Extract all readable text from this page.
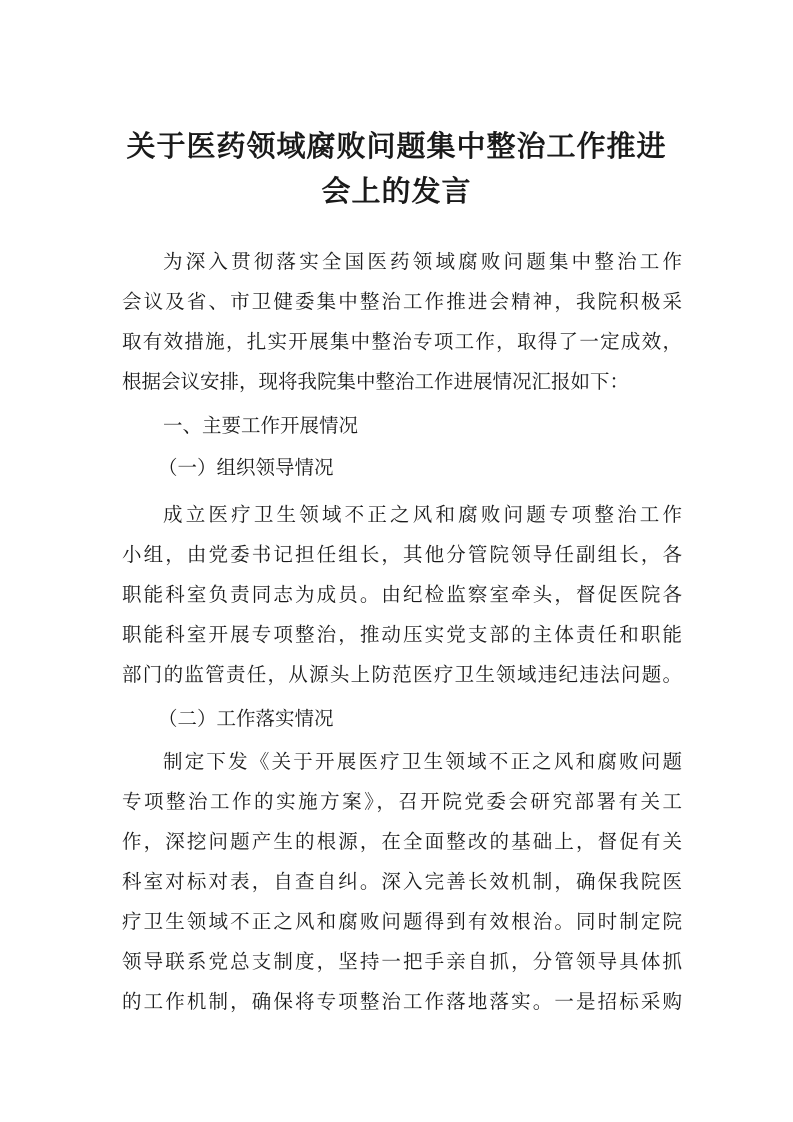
关于医药领域腐败问题集中整治工作推进
会上的发言
为深入贯彻落实全国医药领域腐败问题集中整治工作
会议及省、市卫健委集中整治工作推进会精神，我院积极采
取有效措施，扎实开展集中整治专项工作，取得了一定成效，
根据会议安排，现将我院集中整治工作进展情况汇报如下：
一、主要工作开展情况
（一）组织领导情况
成立医疗卫生领域不正之风和腐败问题专项整治工作
小组，由党委书记担任组长，其他分管院领导任副组长，各
职能科室负责同志为成员。由纪检监察室牵头，督促医院各
职能科室开展专项整治，推动压实党支部的主体责任和职能
部门的监管责任，从源头上防范医疗卫生领域违纪违法问题。
（二）工作落实情况
制定下发《关于开展医疗卫生领域不正之风和腐败问题
专项整治工作的实施方案》，召开院党委会研究部署有关工
作，深挖问题产生的根源，在全面整改的基础上，督促有关
科室对标对表，自查自纠。深入完善长效机制，确保我院医
疗卫生领域不正之风和腐败问题得到有效根治。同时制定院
领导联系党总支制度，坚持一把手亲自抓，分管领导具体抓
的工作机制，确保将专项整治工作落地落实。一是招标采购
